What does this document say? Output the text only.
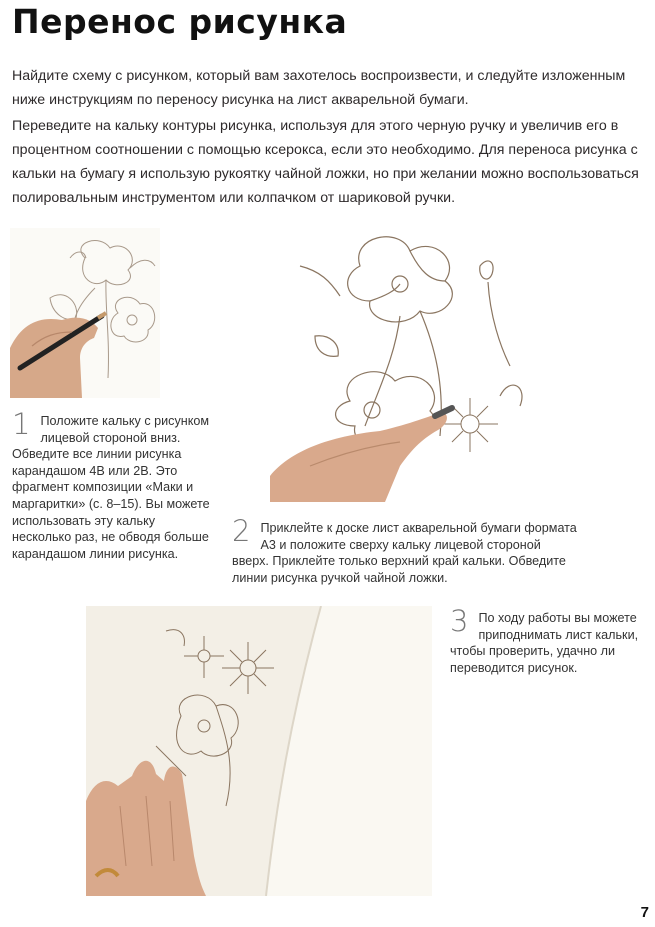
Перенос рисунка

Найдите схему с рисунком, который вам захотелось воспроизвести, и следуйте изложенным ниже инструкциям по переносу рисунка на лист акварельной бумаги.

Переведите на кальку контуры рисунка, используя для этого черную ручку и увеличив его в процентном соотношении с помощью ксерокса, если это необходимо. Для переноса рисунка с кальки на бумагу я использую рукоятку чайной ложки, но при желании можно воспользоваться полировальным инструментом или колпачком от шариковой ручки.

1 Положите кальку с рисунком лицевой стороной вниз. Обведите все линии рисунка карандашом 4В или 2В. Это фрагмент композиции «Маки и маргаритки» (с. 8–15). Вы можете использовать эту кальку несколько раз, не обводя больше карандашом линии рисунка.
2 Приклейте к доске лист акварельной бумаги формата А3 и положите сверху кальку лицевой стороной вверх. Приклейте только верхний край кальки. Обведите линии рисунка ручкой чайной ложки.
3 По ходу работы вы можете приподнимать лист кальки, чтобы проверить, удачно ли переводится рисунок.
7
